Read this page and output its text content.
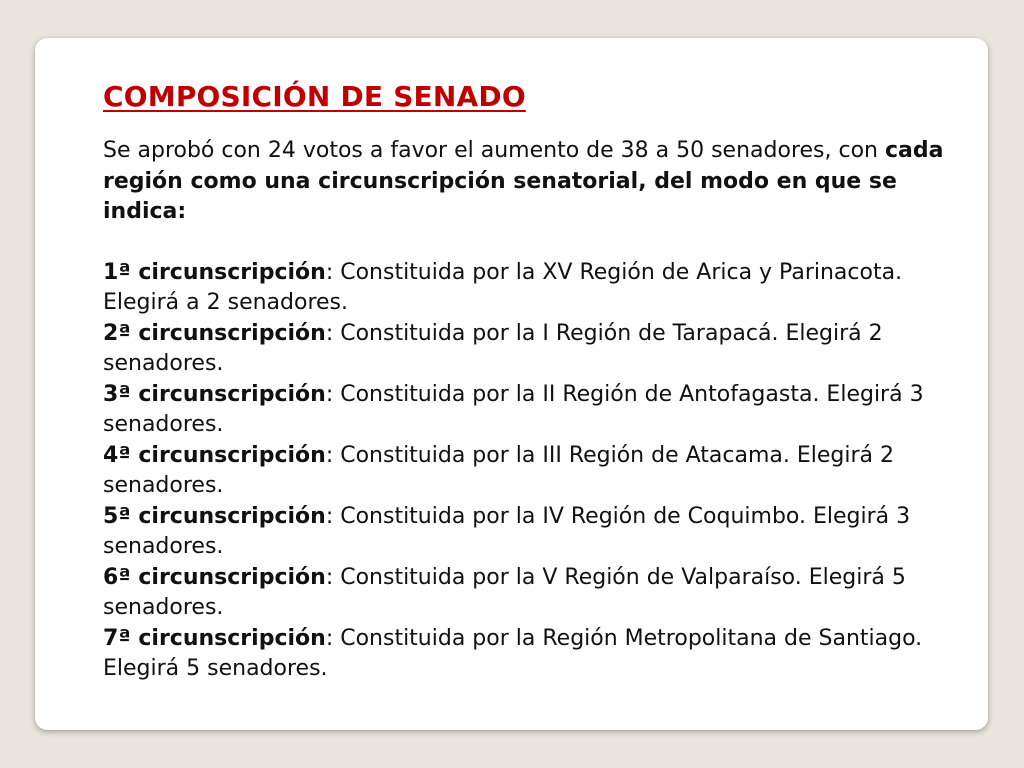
COMPOSICIÓN DE SENADO

Se aprobó con 24 votos a favor el aumento de 38 a 50 senadores, con cada región como una circunscripción senatorial, del modo en que se indica:

1ª circunscripción: Constituida por la XV Región de Arica y Parinacota. Elegirá a 2 senadores.
2ª circunscripción: Constituida por la I Región de Tarapacá. Elegirá 2 senadores.
3ª circunscripción: Constituida por la II Región de Antofagasta. Elegirá 3 senadores.
4ª circunscripción: Constituida por la III Región de Atacama. Elegirá 2 senadores.
5ª circunscripción: Constituida por la IV Región de Coquimbo. Elegirá 3 senadores.
6ª circunscripción: Constituida por la V Región de Valparaíso. Elegirá 5 senadores.
7ª circunscripción: Constituida por la Región Metropolitana de Santiago. Elegirá 5 senadores.
